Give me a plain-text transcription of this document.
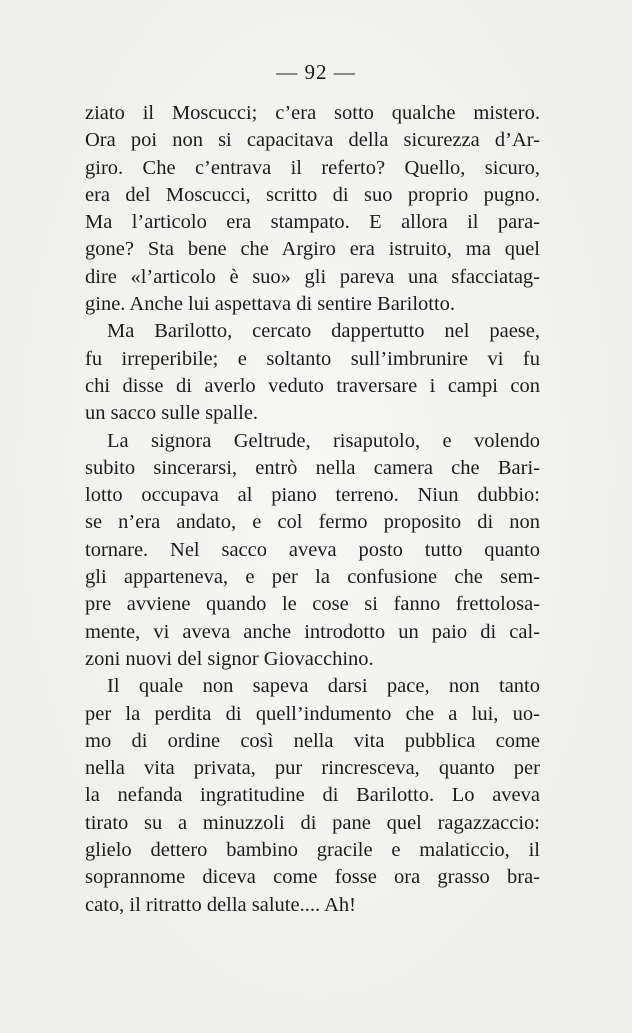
— 92 —
ziato il Moscucci; c’era sotto qualche mistero.
Ora poi non si capacitava della sicurezza d’Ar-
giro. Che c’entrava il referto? Quello, sicuro,
era del Moscucci, scritto di suo proprio pugno.
Ma l’articolo era stampato. E allora il para-
gone? Sta bene che Argiro era istruito, ma quel
dire «l’articolo è suo» gli pareva una sfacciatag-
gine. Anche lui aspettava di sentire Barilotto.
Ma Barilotto, cercato dappertutto nel paese,
fu irreperibile; e soltanto sull’imbrunire vi fu
chi disse di averlo veduto traversare i campi con
un sacco sulle spalle.
La signora Geltrude, risaputolo, e volendo
subito sincerarsi, entrò nella camera che Bari-
lotto occupava al piano terreno. Niun dubbio:
se n’era andato, e col fermo proposito di non
tornare. Nel sacco aveva posto tutto quanto
gli apparteneva, e per la confusione che sem-
pre avviene quando le cose si fanno frettolosa-
mente, vi aveva anche introdotto un paio di cal-
zoni nuovi del signor Giovacchino.
Il quale non sapeva darsi pace, non tanto
per la perdita di quell’indumento che a lui, uo-
mo di ordine così nella vita pubblica come
nella vita privata, pur rincresceva, quanto per
la nefanda ingratitudine di Barilotto. Lo aveva
tirato su a minuzzoli di pane quel ragazzaccio:
glielo dettero bambino gracile e malaticcio, il
soprannome diceva come fosse ora grasso bra-
cato, il ritratto della salute.... Ah!
